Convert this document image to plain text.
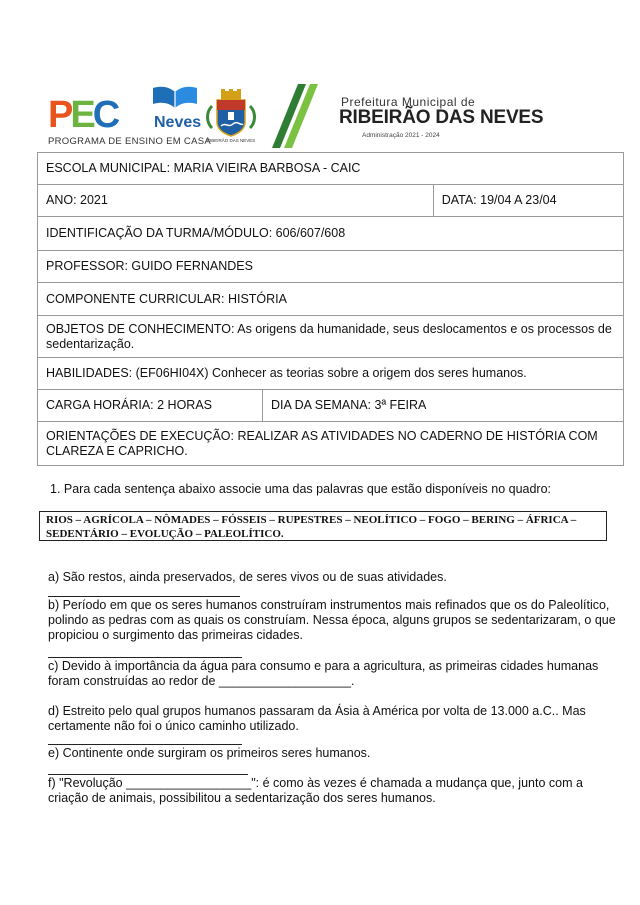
PEC Neves
PROGRAMA DE ENSINO EM CASA
RIBEIRÃO DAS NEVES
Prefeitura Municipal de
RIBEIRÃO DAS NEVES
Administração 2021 - 2024
ESCOLA MUNICIPAL: MARIA VIEIRA BARBOSA - CAIC		
ANO: 2021		DATA: 19/04 A 23/04
IDENTIFICAÇÃO DA TURMA/MÓDULO: 606/607/608		
PROFESSOR: GUIDO FERNANDES		
COMPONENTE CURRICULAR: HISTÓRIA		
OBJETOS DE CONHECIMENTO: As origens da humanidade, seus deslocamentos e os processos de sedentarização.		
HABILIDADES: (EF06HI04X) Conhecer as teorias sobre a origem dos seres humanos.		
CARGA HORÁRIA: 2 HORAS	DIA DA SEMANA: 3ª FEIRA	
ORIENTAÇÕES DE EXECUÇÃO: REALIZAR AS ATIVIDADES NO CADERNO DE HISTÓRIA COM CLAREZA E CAPRICHO.		
1. Para cada sentença abaixo associe uma das palavras que estão disponíveis no quadro:
RIOS – AGRÍCOLA – NÔMADES – FÓSSEIS – RUPESTRES – NEOLÍTICO – FOGO – BERING – ÁFRICA – SEDENTÁRIO – EVOLUÇÃO – PALEOLÍTICO.

a) São restos, ainda preservados, de seres vivos ou de suas atividades.

b) Período em que os seres humanos construíram instrumentos mais refinados que os do Paleolítico, polindo as pedras com as quais os construíam. Nessa época, alguns grupos se sedentarizaram, o que propiciou o surgimento das primeiras cidades.

c) Devido à importância da água para consumo e para a agricultura, as primeiras cidades humanas foram construídas ao redor de ___________________.

d) Estreito pelo qual grupos humanos passaram da Ásia à América por volta de 13.000 a.C.. Mas certamente não foi o único caminho utilizado.

e) Continente onde surgiram os primeiros seres humanos.

f) "Revolução __________________": é como às vezes é chamada a mudança que, junto com a criação de animais, possibilitou a sedentarização dos seres humanos.
